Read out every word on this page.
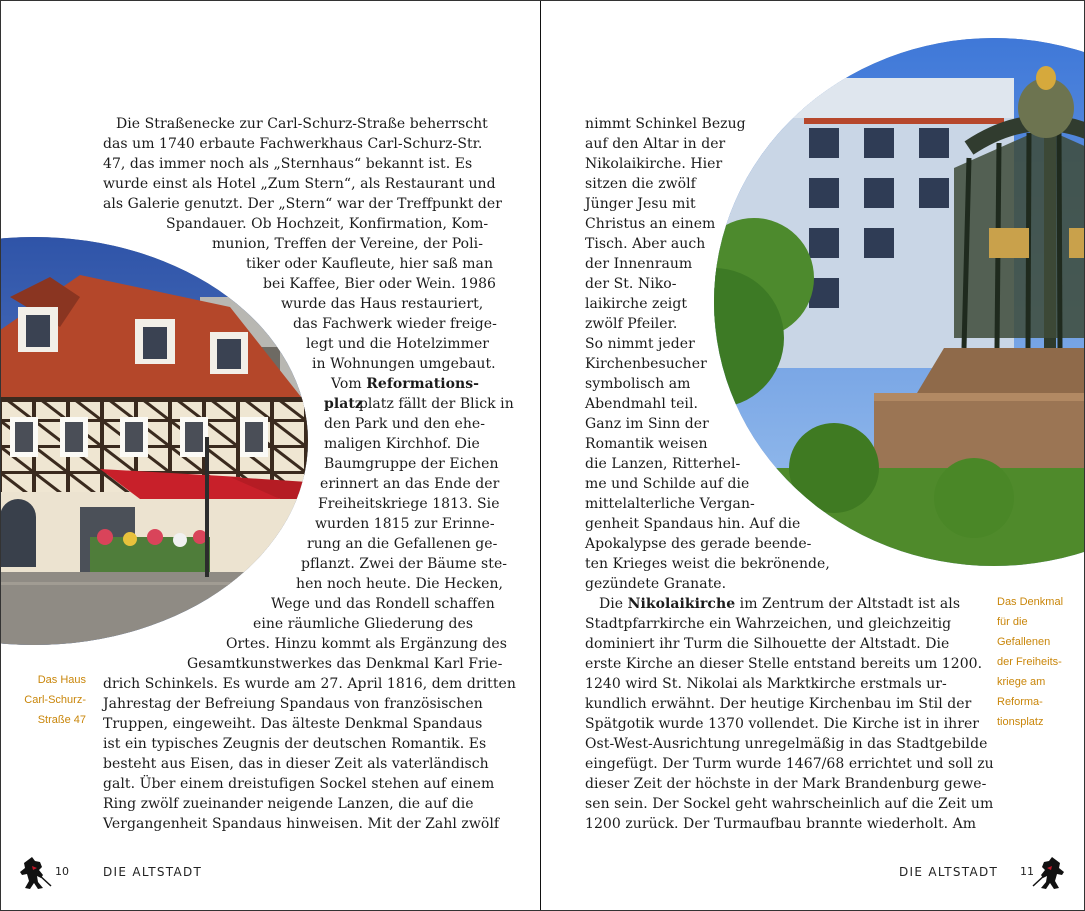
Die Straßenecke zur Carl-Schurz-Straße beherrscht
das um 1740 erbaute Fachwerkhaus Carl-Schurz-Str.
47, das immer noch als „Sternhaus“ bekannt ist. Es
wurde einst als Hotel „Zum Stern“, als Restaurant und
als Galerie genutzt. Der „Stern“ war der Treffpunkt der
Spandauer. Ob Hochzeit, Konfirmation, Kom-
munion, Treffen der Vereine, der Poli-
tiker oder Kaufleute, hier saß man
bei Kaffee, Bier oder Wein. 1986
wurde das Haus restauriert,
das Fachwerk wieder freige-
legt und die Hotelzimmer
in Wohnungen umgebaut.
Vom Reformations-
platzplatz fällt der Blick in
den Park und den ehe-
maligen Kirchhof. Die
Baumgruppe der Eichen
erinnert an das Ende der
Freiheitskriege 1813. Sie
wurden 1815 zur Erinne-
rung an die Gefallenen ge-
pflanzt. Zwei der Bäume ste-
hen noch heute. Die Hecken,
Wege und das Rondell schaffen
eine räumliche Gliederung des
Ortes. Hinzu kommt als Ergänzung des
Gesamtkunstwerkes das Denkmal Karl Frie-
drich Schinkels. Es wurde am 27. April 1816, dem dritten
Jahrestag der Befreiung Spandaus von französischen
Truppen, eingeweiht. Das älteste Denkmal Spandaus
ist ein typisches Zeugnis der deutschen Romantik. Es
besteht aus Eisen, das in dieser Zeit als vaterländisch
galt. Über einem dreistufigen Sockel stehen auf einem
Ring zwölf zueinander neigende Lanzen, die auf die
Vergangenheit Spandaus hinweisen. Mit der Zahl zwölf
Das Haus
Carl-Schurz-
Straße 47
10	DIE ALTSTADT
nimmt Schinkel Bezug
auf den Altar in der
Nikolaikirche. Hier
sitzen die zwölf
Jünger Jesu mit
Christus an einem
Tisch. Aber auch
der Innenraum
der St. Niko-
laikirche zeigt
zwölf Pfeiler.
So nimmt jeder
Kirchenbesucher
symbolisch am
Abendmahl teil.
Ganz im Sinn der
Romantik weisen
die Lanzen, Ritterhel-
me und Schilde auf die
mittelalterliche Vergan-
genheit Spandaus hin. Auf die
Apokalypse des gerade beende-
ten Krieges weist die bekrönende,
gezündete Granate.
Die Nikolaikirche im Zentrum der Altstadt ist als
Stadtpfarrkirche ein Wahrzeichen, und gleichzeitig
dominiert ihr Turm die Silhouette der Altstadt. Die
erste Kirche an dieser Stelle entstand bereits um 1200.
1240 wird St. Nikolai als Marktkirche erstmals ur-
kundlich erwähnt. Der heutige Kirchenbau im Stil der
Spätgotik wurde 1370 vollendet. Die Kirche ist in ihrer
Ost-West-Ausrichtung unregelmäßig in das Stadtgebilde
eingefügt. Der Turm wurde 1467/68 errichtet und soll zu
dieser Zeit der höchste in der Mark Brandenburg gewe-
sen sein. Der Sockel geht wahrscheinlich auf die Zeit um
1200 zurück. Der Turmaufbau brannte wiederholt. Am
Das Denkmal
für die
Gefallenen
der Freiheits-
kriege am
Reforma-
tionsplatz
DIE ALTSTADT 11
